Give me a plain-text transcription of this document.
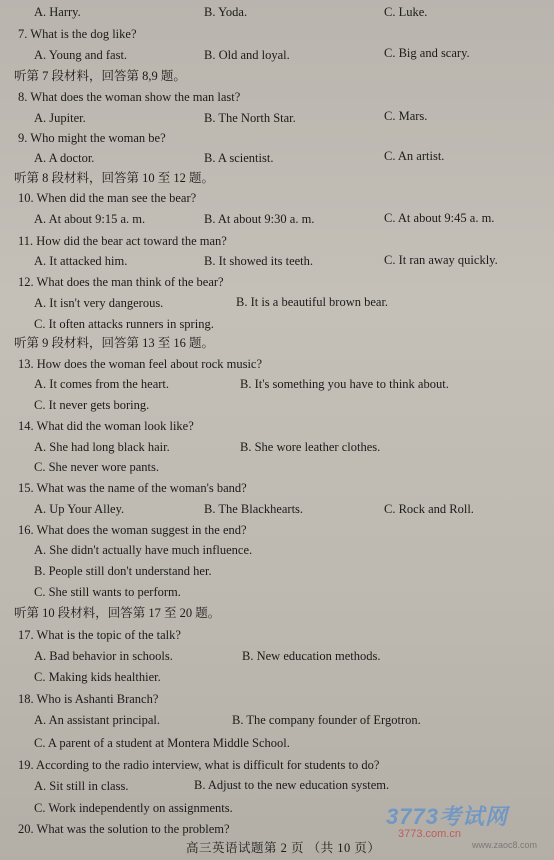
A. Harry.	B. Yoda.	C. Luke.
7. What is the dog like?
A. Young and fast.	B. Old and loyal.	C. Big and scary.
听第 7 段材料，回答第 8,9 题。
8. What does the woman show the man last?
A. Jupiter.	B. The North Star.	C. Mars.
9. Who might the woman be?
A. A doctor.	B. A scientist.	C. An artist.
听第 8 段材料，回答第 10 至 12 题。
10. When did the man see the bear?
A. At about 9:15 a. m.	B. At about 9:30 a. m.	C. At about 9:45 a. m.
11. How did the bear act toward the man?
A. It attacked him.	B. It showed its teeth.	C. It ran away quickly.
12. What does the man think of the bear?
A. It isn't very dangerous.	B. It is a beautiful brown bear.
C. It often attacks runners in spring.
听第 9 段材料，回答第 13 至 16 题。
13. How does the woman feel about rock music?
A. It comes from the heart.	B. It's something you have to think about.
C. It never gets boring.
14. What did the woman look like?
A. She had long black hair.	B. She wore leather clothes.
C. She never wore pants.
15. What was the name of the woman's band?
A. Up Your Alley.	B. The Blackhearts.	C. Rock and Roll.
16. What does the woman suggest in the end?
A. She didn't actually have much influence.
B. People still don't understand her.
C. She still wants to perform.
听第 10 段材料，回答第 17 至 20 题。
17. What is the topic of the talk?
A. Bad behavior in schools.	B. New education methods.
C. Making kids healthier.
18. Who is Ashanti Branch?
A. An assistant principal.	B. The company founder of Ergotron.
C. A parent of a student at Montera Middle School.
19. According to the radio interview, what is difficult for students to do?
A. Sit still in class.	B. Adjust to the new education system.
C. Work independently on assignments.
20. What was the solution to the problem?
高三英语试题第 2 页 （共 10 页）
3773考试网
3773.com.cn
www.zaoc8.com
